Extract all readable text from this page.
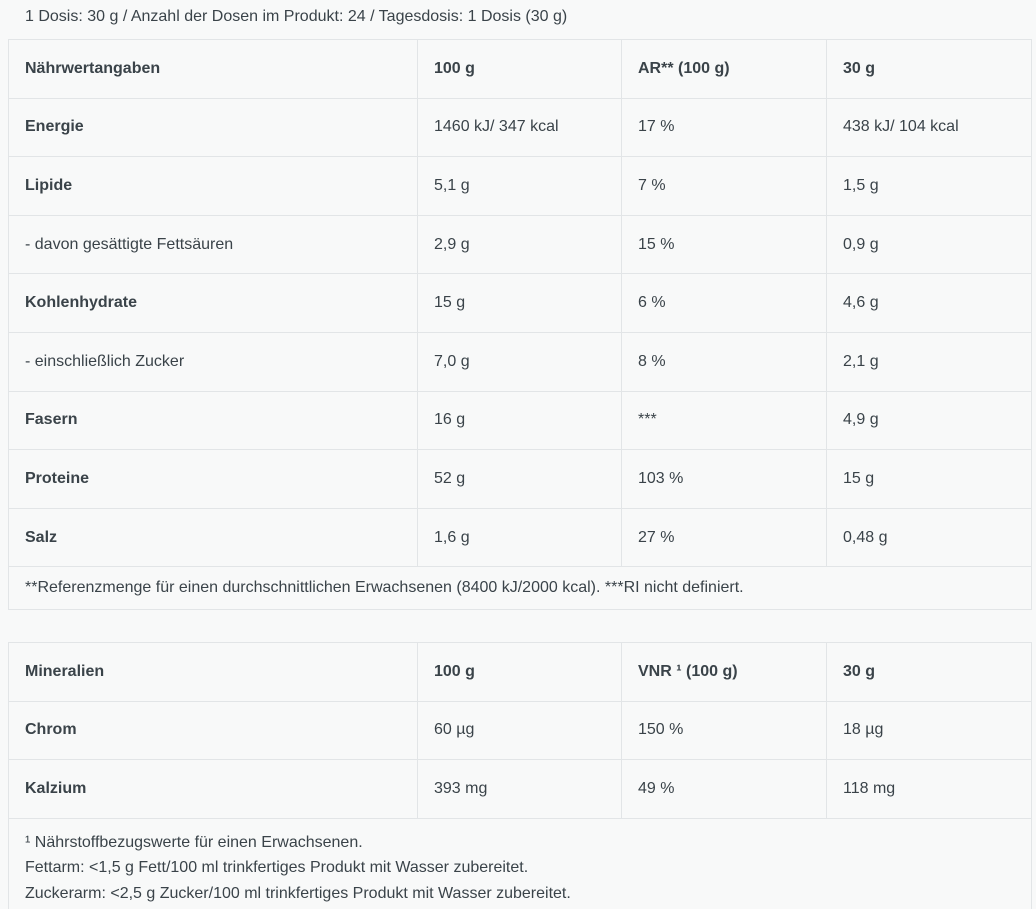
1 Dosis: 30 g / Anzahl der Dosen im Produkt: 24 / Tagesdosis: 1 Dosis (30 g)
Nährwertangaben	100 g	AR** (100 g)	30 g
Energie	1460 kJ/ 347 kcal	17 %	438 kJ/ 104 kcal
Lipide	5,1 g	7 %	1,5 g
- davon gesättigte Fettsäuren	2,9 g	15 %	0,9 g
Kohlenhydrate	15 g	6 %	4,6 g
- einschließlich Zucker	7,0 g	8 %	2,1 g
Fasern	16 g	***	4,9 g
Proteine	52 g	103 %	15 g
Salz	1,6 g	27 %	0,48 g
**Referenzmenge für einen durchschnittlichen Erwachsenen (8400 kJ/2000 kcal). ***RI nicht definiert.			
Mineralien	100 g	VNR ¹ (100 g)	30 g
Chrom	60 µg	150 %	18 µg
Kalzium	393 mg	49 %	118 mg

¹ Nährstoffbezugswerte für einen Erwachsenen.
Fettarm: <1,5 g Fett/100 ml trinkfertiges Produkt mit Wasser zubereitet.
Zuckerarm: <2,5 g Zucker/100 ml trinkfertiges Produkt mit Wasser zubereitet.			
